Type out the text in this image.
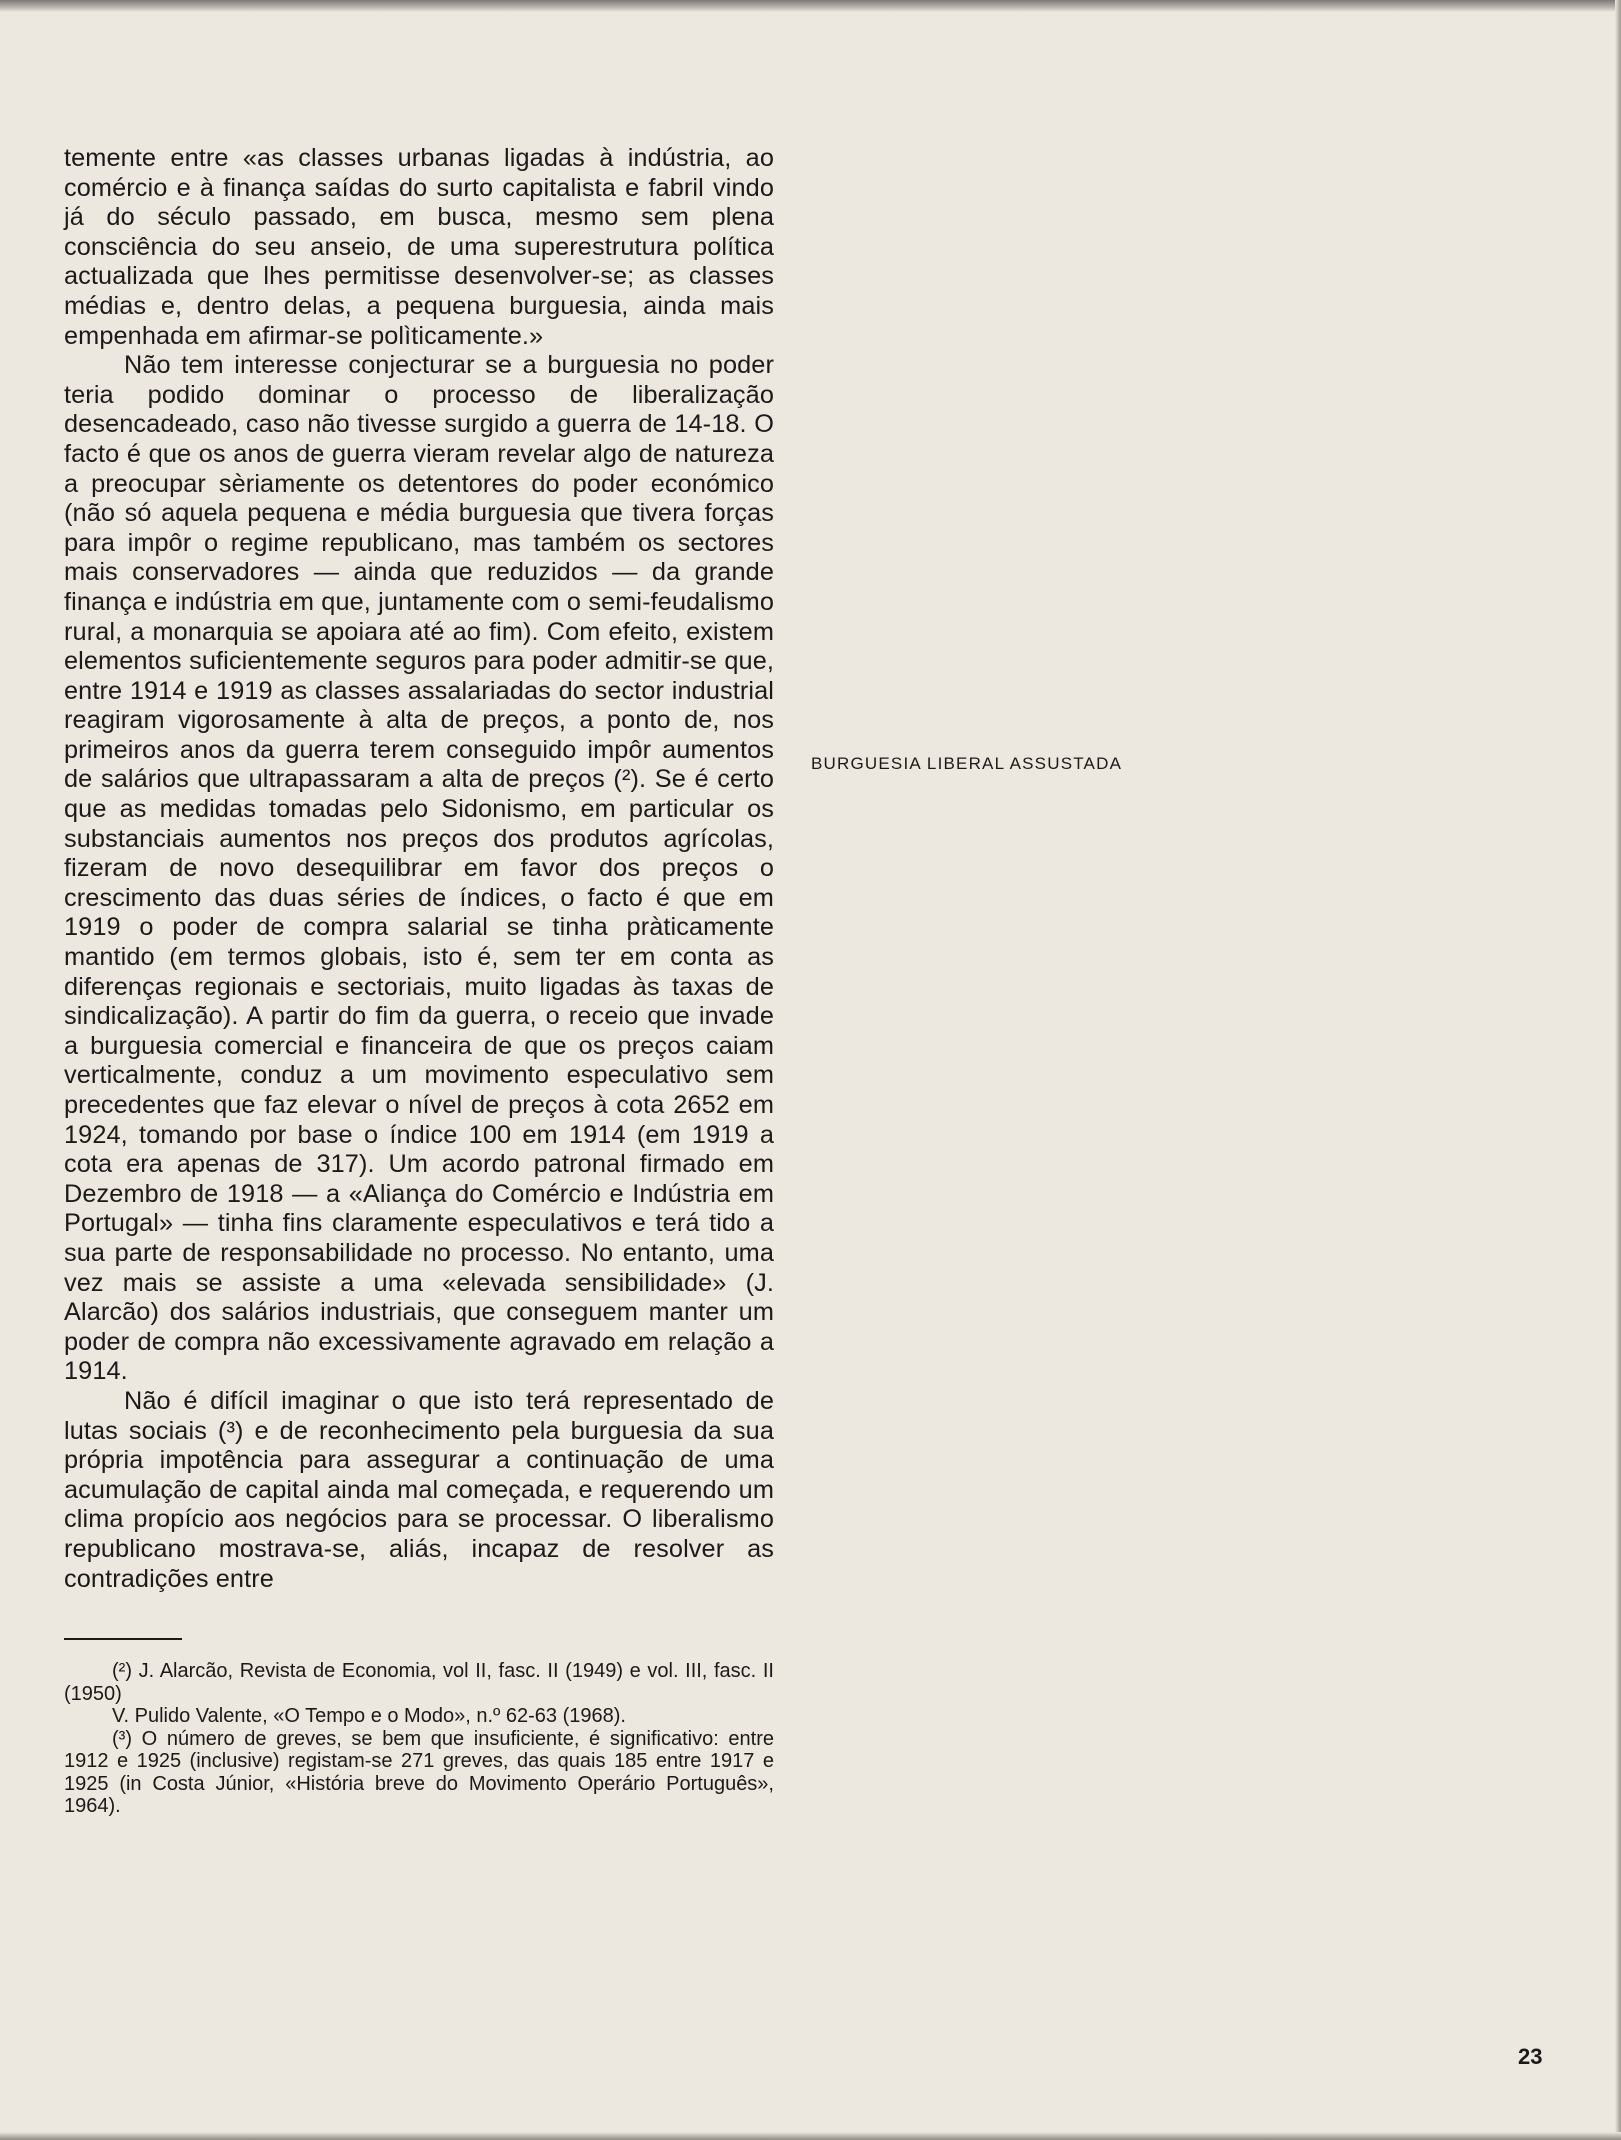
temente entre «as classes urbanas ligadas à indústria, ao comércio e à finança saídas do surto capitalista e fabril vindo já do século passado, em busca, mesmo sem plena consciência do seu anseio, de uma superestrutura política actualizada que lhes permitisse desenvolver-se; as classes médias e, dentro delas, a pequena burguesia, ainda mais empenhada em afirmar-se polìticamente.»

Não tem interesse conjecturar se a burguesia no poder teria podido dominar o processo de liberalização desencadeado, caso não tivesse surgido a guerra de 14-18. O facto é que os anos de guerra vieram revelar algo de natureza a preocupar sèriamente os detentores do poder económico (não só aquela pequena e média burguesia que tivera forças para impôr o regime republicano, mas também os sectores mais conservadores — ainda que reduzidos — da grande finança e indústria em que, juntamente com o semi-feudalismo rural, a monarquia se apoiara até ao fim). Com efeito, existem elementos suficientemente seguros para poder admitir-se que, entre 1914 e 1919 as classes assalariadas do sector industrial reagiram vigorosamente à alta de preços, a ponto de, nos primeiros anos da guerra terem conseguido impôr aumentos de salários que ultrapassaram a alta de preços (²). Se é certo que as medidas tomadas pelo Sidonismo, em particular os substanciais aumentos nos preços dos produtos agrícolas, fizeram de novo desequilibrar em favor dos preços o crescimento das duas séries de índices, o facto é que em 1919 o poder de compra salarial se tinha pràticamente mantido (em termos globais, isto é, sem ter em conta as diferenças regionais e sectoriais, muito ligadas às taxas de sindicalização). A partir do fim da guerra, o receio que invade a burguesia comercial e financeira de que os preços caiam verticalmente, conduz a um movimento especulativo sem precedentes que faz elevar o nível de preços à cota 2652 em 1924, tomando por base o índice 100 em 1914 (em 1919 a cota era apenas de 317). Um acordo patronal firmado em Dezembro de 1918 — a «Aliança do Comércio e Indústria em Portugal» — tinha fins claramente especulativos e terá tido a sua parte de responsabilidade no processo. No entanto, uma vez mais se assiste a uma «elevada sensibilidade» (J. Alarcão) dos salários industriais, que conseguem manter um poder de compra não excessivamente agravado em relação a 1914.

Não é difícil imaginar o que isto terá representado de lutas sociais (³) e de reconhecimento pela burguesia da sua própria impotência para assegurar a continuação de uma acumulação de capital ainda mal começada, e requerendo um clima propício aos negócios para se processar. O liberalismo republicano mostrava-se, aliás, incapaz de resolver as contradições entre

(²) J. Alarcão, Revista de Economia, vol II, fasc. II (1949) e vol. III, fasc. II (1950)

V. Pulido Valente, «O Tempo e o Modo», n.º 62-63 (1968).

(³) O número de greves, se bem que insuficiente, é significativo: entre 1912 e 1925 (inclusive) registam-se 271 greves, das quais 185 entre 1917 e 1925 (in Costa Júnior, «História breve do Movimento Operário Português», 1964).

BURGUESIA LIBERAL ASSUSTADA
23
